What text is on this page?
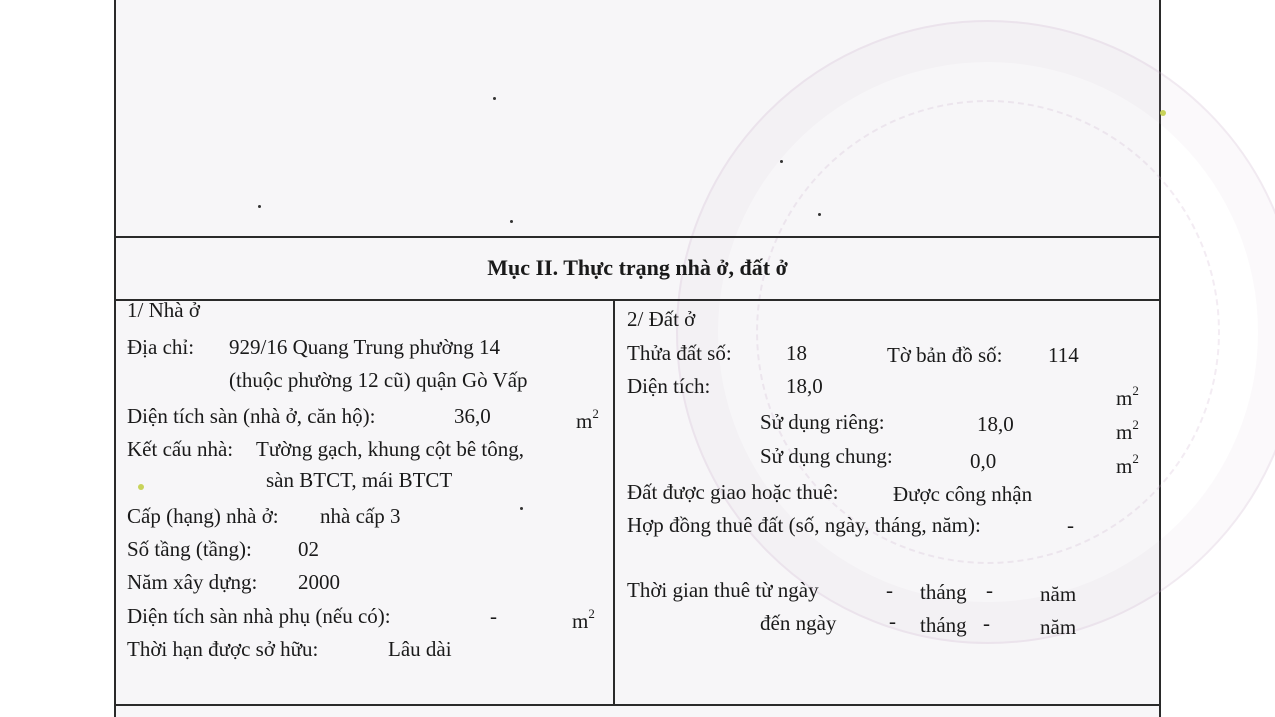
Mục II. Thực trạng nhà ở, đất ở
1/ Nhà ở
Địa chỉ: 929/16 Quang Trung phường 14
(thuộc phường 12 cũ) quận Gò Vấp
Diện tích sàn (nhà ở, căn hộ):	36,0	$m^2$
Kết cấu nhà: Tường gạch, khung cột bê tông,
sàn BTCT, mái BTCT
Cấp (hạng) nhà ở: nhà cấp 3
Số tầng (tầng): 02
Năm xây dựng: 2000
Diện tích sàn nhà phụ (nếu có):	-	$m^2$
Thời hạn được sở hữu:	Lâu dài
2/ Đất ở
Thửa đất số:	18	Tờ bản đồ số: 114
Diện tích:	18,0	$m^2$
Sử dụng riêng:	18,0	$m^2$
Sử dụng chung:	0,0	$m^2$
Đất được giao hoặc thuê:	Được công nhận
Hợp đồng thuê đất (số, ngày, tháng, năm):	-
Thời gian thuê từ ngày	- tháng - năm
đến ngày	- tháng - năm
